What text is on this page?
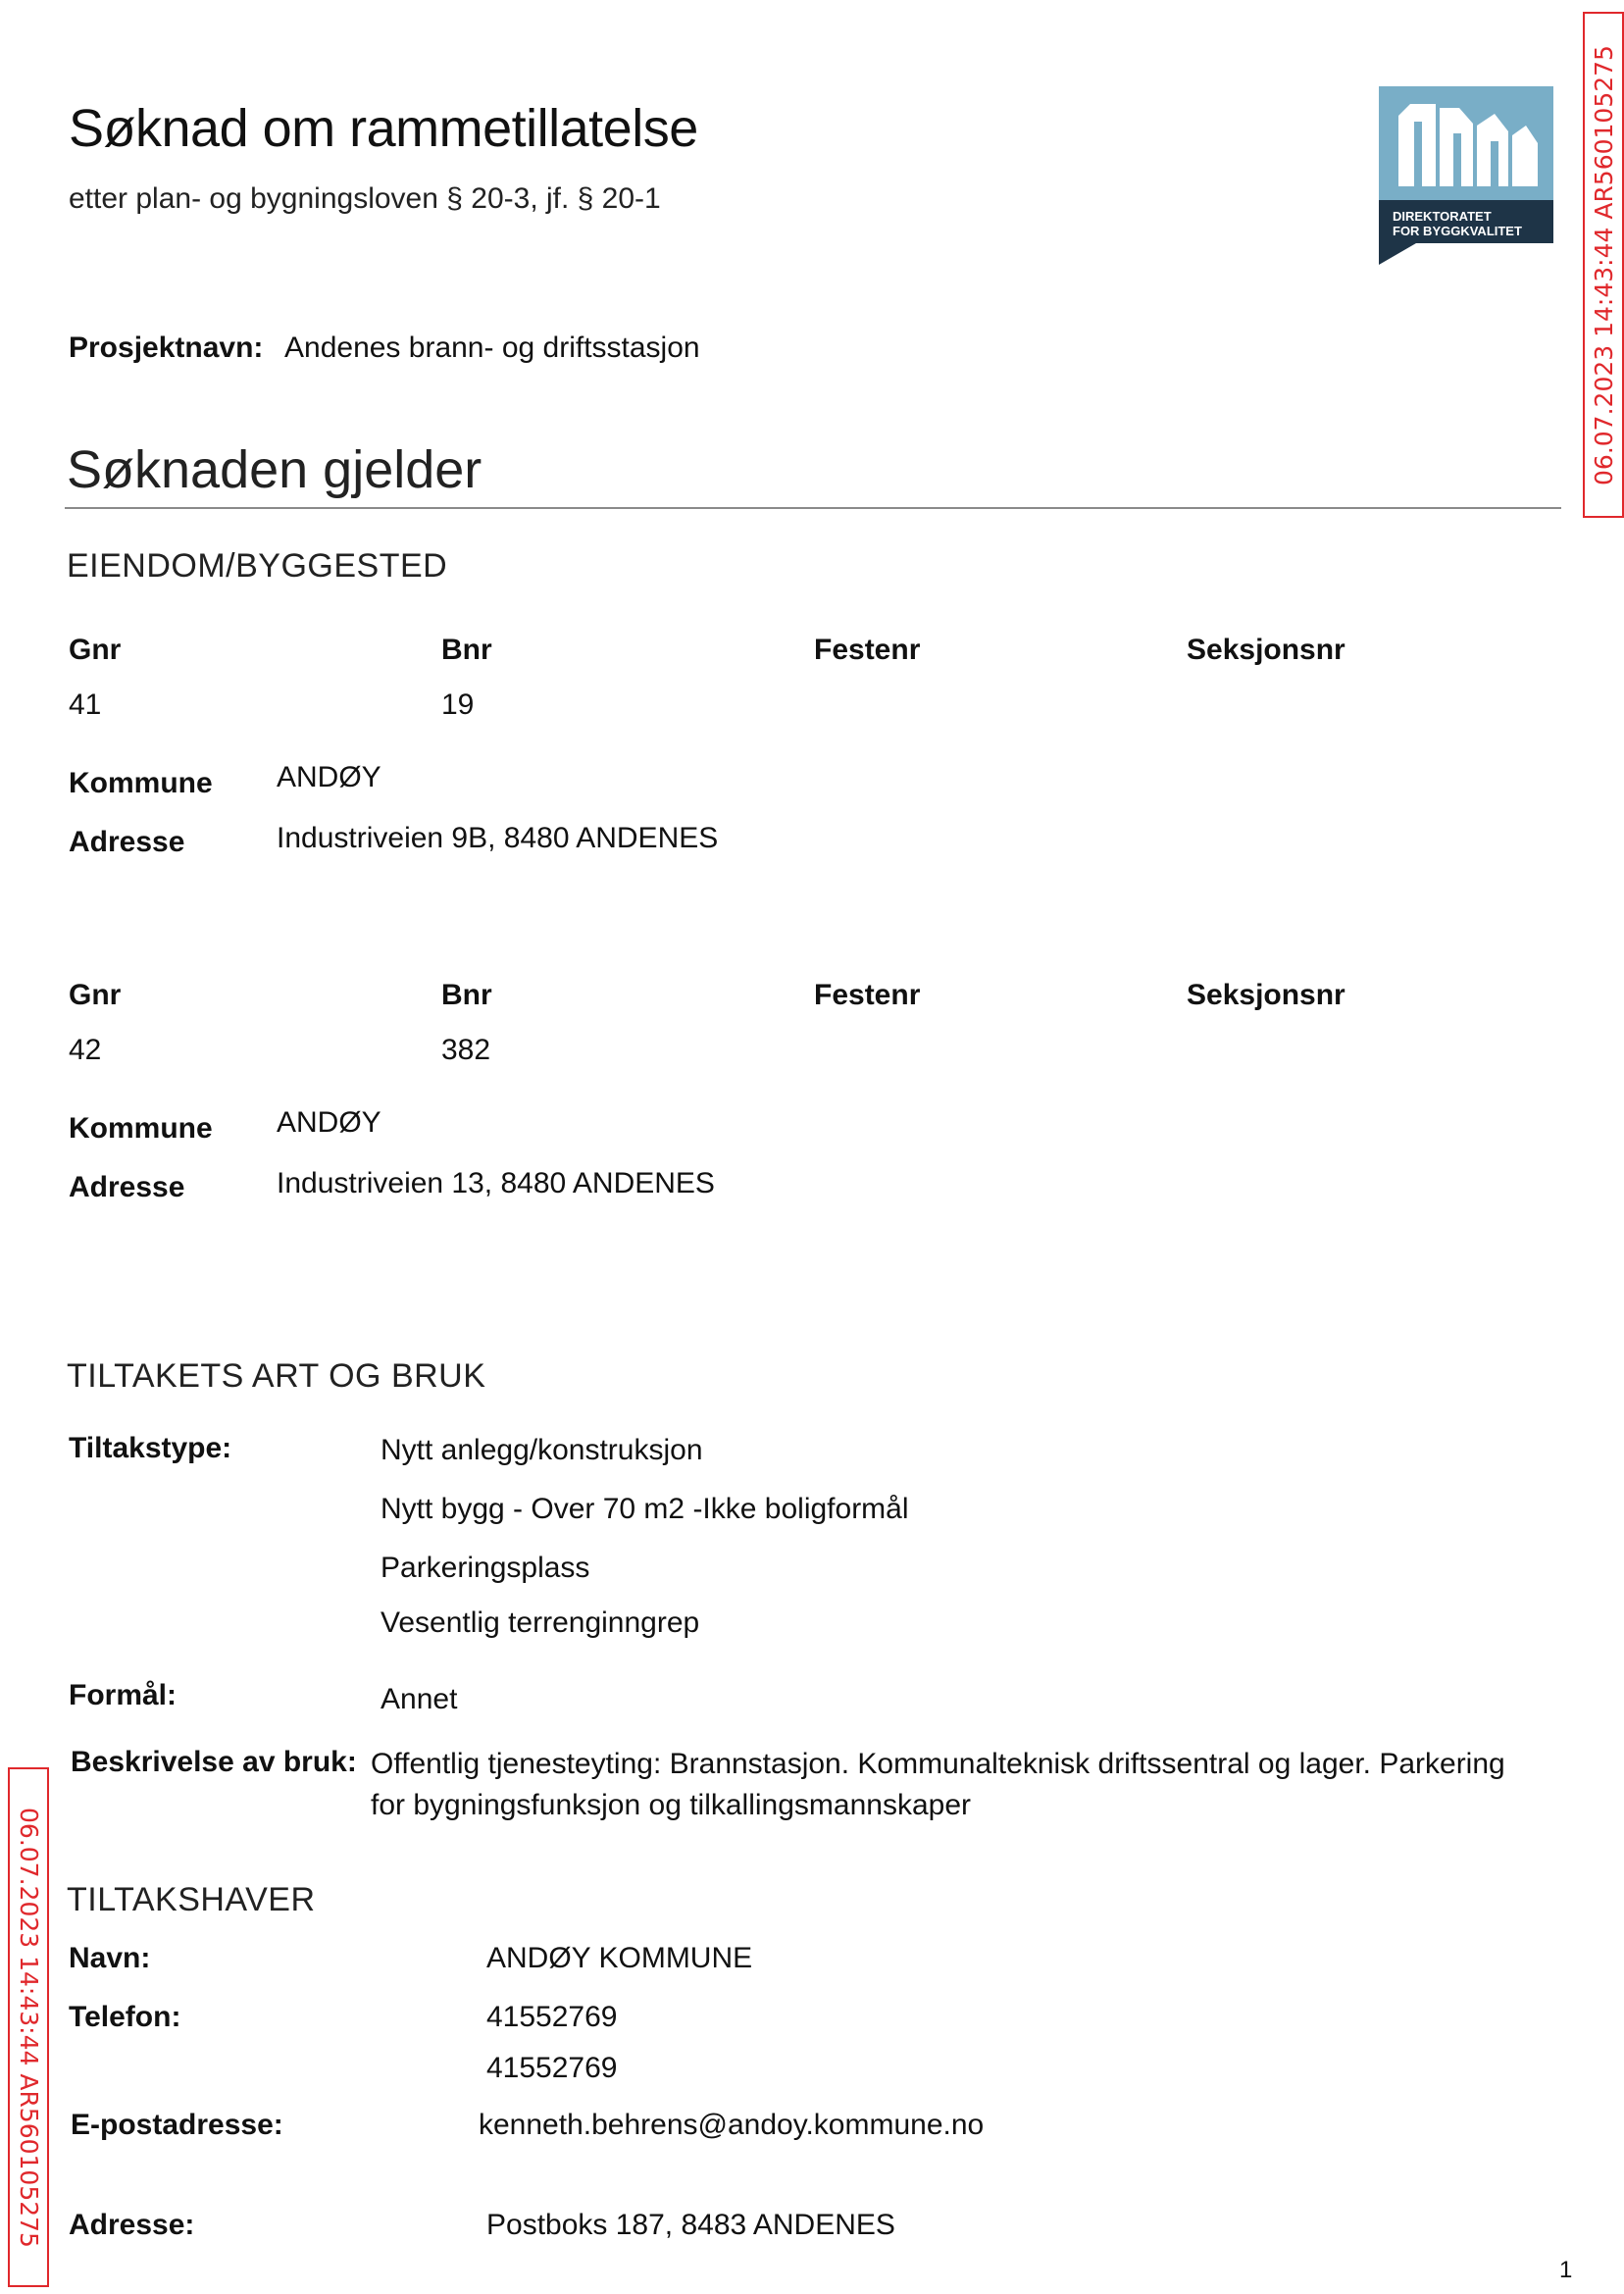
Søknad om rammetillatelse
etter plan- og bygningsloven § 20-3, jf. § 20-1
DIREKTORATET
FOR BYGGKVALITET	06.07.2023 14:43:44 AR560105275
06.07.2023 14:43:44 AR560105275
Prosjektnavn: Andenes brann- og driftsstasjon
Søknaden gjelder
EIENDOM/BYGGESTED
Gnr	Bnr	Festenr	Seksjonsnr
41	19
Kommune ANDØY
Adresse	Industriveien 9B, 8480 ANDENES
Gnr	Bnr	Festenr	Seksjonsnr
42	382
Kommune ANDØY
Adresse	Industriveien 13, 8480 ANDENES
TILTAKETS ART OG BRUK
Tiltakstype:	Nytt anlegg/konstruksjon
Nytt bygg - Over 70 m2 -Ikke boligformål
Parkeringsplass
Vesentlig terrenginngrep
Formål:	Annet
Beskrivelse av bruk: Offentlig tjenesteyting: Brannstasjon. Kommunalteknisk driftssentral og lager. Parkering for bygningsfunksjon og tilkallingsmannskaper
TILTAKSHAVER
Navn:	ANDØY KOMMUNE
Telefon:	41552769
41552769
E-postadresse:	kenneth.behrens@andoy.kommune.no
Adresse:	Postboks 187, 8483 ANDENES
1
